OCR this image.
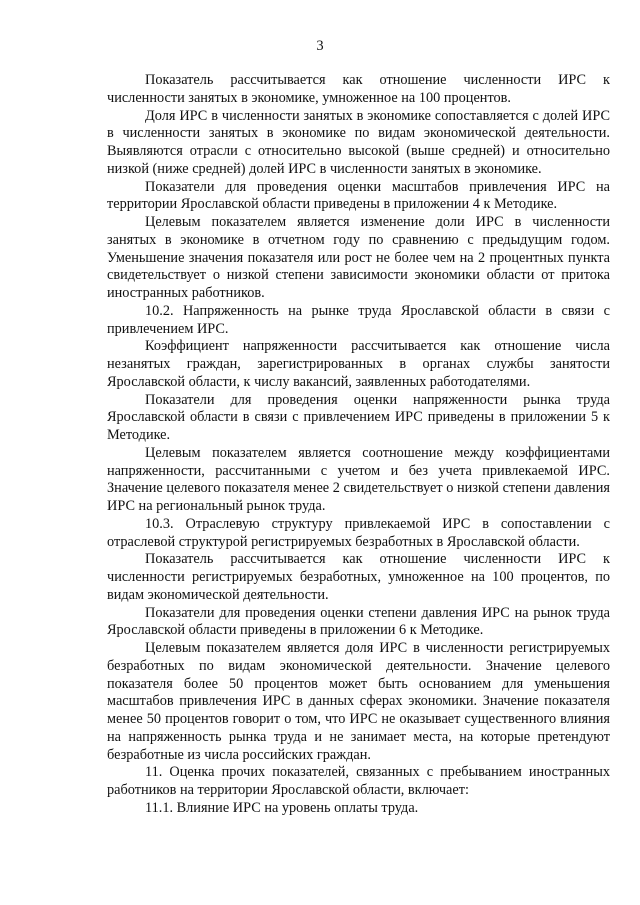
3

Показатель рассчитывается как отношение численности ИРС к численности занятых в экономике, умноженное на 100 процентов.

Доля ИРС в численности занятых в экономике сопоставляется с долей ИРС в численности занятых в экономике по видам экономической деятельности. Выявляются отрасли с относительно высокой (выше средней) и относительно низкой (ниже средней) долей ИРС в численности занятых в экономике.

Показатели для проведения оценки масштабов привлечения ИРС на территории Ярославской области приведены в приложении 4 к Методике.

Целевым показателем является изменение доли ИРС в численности занятых в экономике в отчетном году по сравнению с предыдущим годом. Уменьшение значения показателя или рост не более чем на 2 процентных пункта свидетельствует о низкой степени зависимости экономики области от притока иностранных работников.

10.2. Напряженность на рынке труда Ярославской области в связи с привлечением ИРС.

Коэффициент напряженности рассчитывается как отношение числа незанятых граждан, зарегистрированных в органах службы занятости Ярославской области, к числу вакансий, заявленных работодателями.

Показатели для проведения оценки напряженности рынка труда Ярославской области в связи с привлечением ИРС приведены в приложении 5 к Методике.

Целевым показателем является соотношение между коэффициентами напряженности, рассчитанными с учетом и без учета привлекаемой ИРС. Значение целевого показателя менее 2 свидетельствует о низкой степени давления ИРС на региональный рынок труда.

10.3. Отраслевую структуру привлекаемой ИРС в сопоставлении с отраслевой структурой регистрируемых безработных в Ярославской области.

Показатель рассчитывается как отношение численности ИРС к численности регистрируемых безработных, умноженное на 100 процентов, по видам экономической деятельности.

Показатели для проведения оценки степени давления ИРС на рынок труда Ярославской области приведены в приложении 6 к Методике.

Целевым показателем является доля ИРС в численности регистрируемых безработных по видам экономической деятельности. Значение целевого показателя более 50 процентов может быть основанием для уменьшения масштабов привлечения ИРС в данных сферах экономики. Значение показателя менее 50 процентов говорит о том, что ИРС не оказывает существенного влияния на напряженность рынка труда и не занимает места, на которые претендуют безработные из числа российских граждан.

11. Оценка прочих показателей, связанных с пребыванием иностранных работников на территории Ярославской области, включает:

11.1. Влияние ИРС на уровень оплаты труда.
